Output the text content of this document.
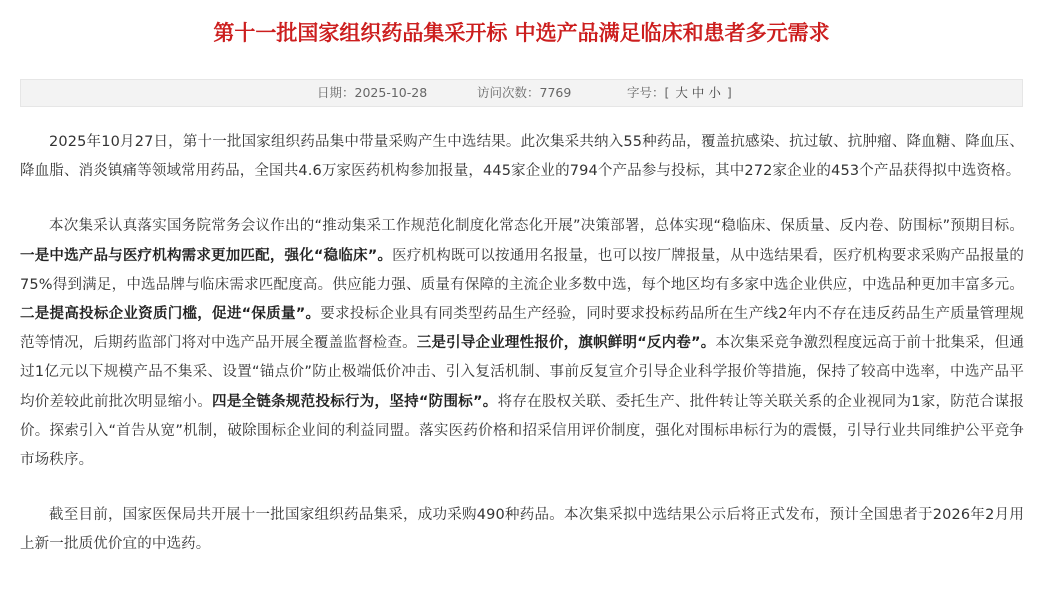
第十一批国家组织药品集采开标 中选产品满足临床和患者多元需求
日期：2025-10-28	访问次数：7769	字号：[ 大 中 小 ]

2025年10月27日，第十一批国家组织药品集中带量采购产生中选结果。此次集采共纳入55种药品，覆盖抗感染、抗过敏、抗肿瘤、降血糖、降血压、降血脂、消炎镇痛等领域常用药品，全国共4.6万家医药机构参加报量，445家企业的794个产品参与投标，其中272家企业的453个产品获得拟中选资格。

本次集采认真落实国务院常务会议作出的“推动集采工作规范化制度化常态化开展”决策部署，总体实现“稳临床、保质量、反内卷、防围标”预期目标。一是中选产品与医疗机构需求更加匹配，强化“稳临床”。医疗机构既可以按通用名报量，也可以按厂牌报量，从中选结果看，医疗机构要求采购产品报量的75%得到满足，中选品牌与临床需求匹配度高。供应能力强、质量有保障的主流企业多数中选，每个地区均有多家中选企业供应，中选品种更加丰富多元。二是提高投标企业资质门槛，促进“保质量”。要求投标企业具有同类型药品生产经验，同时要求投标药品所在生产线2年内不存在违反药品生产质量管理规范等情况，后期药监部门将对中选产品开展全覆盖监督检查。三是引导企业理性报价，旗帜鲜明“反内卷”。本次集采竞争激烈程度远高于前十批集采，但通过1亿元以下规模产品不集采、设置“锚点价”防止极端低价冲击、引入复活机制、事前反复宣介引导企业科学报价等措施，保持了较高中选率，中选产品平均价差较此前批次明显缩小。四是全链条规范投标行为，坚持“防围标”。将存在股权关联、委托生产、批件转让等关联关系的企业视同为1家，防范合谋报价。探索引入“首告从宽”机制，破除围标企业间的利益同盟。落实医药价格和招采信用评价制度，强化对围标串标行为的震慑，引导行业共同维护公平竞争市场秩序。

截至目前，国家医保局共开展十一批国家组织药品集采，成功采购490种药品。本次集采拟中选结果公示后将正式发布，预计全国患者于2026年2月用上新一批质优价宜的中选药。
